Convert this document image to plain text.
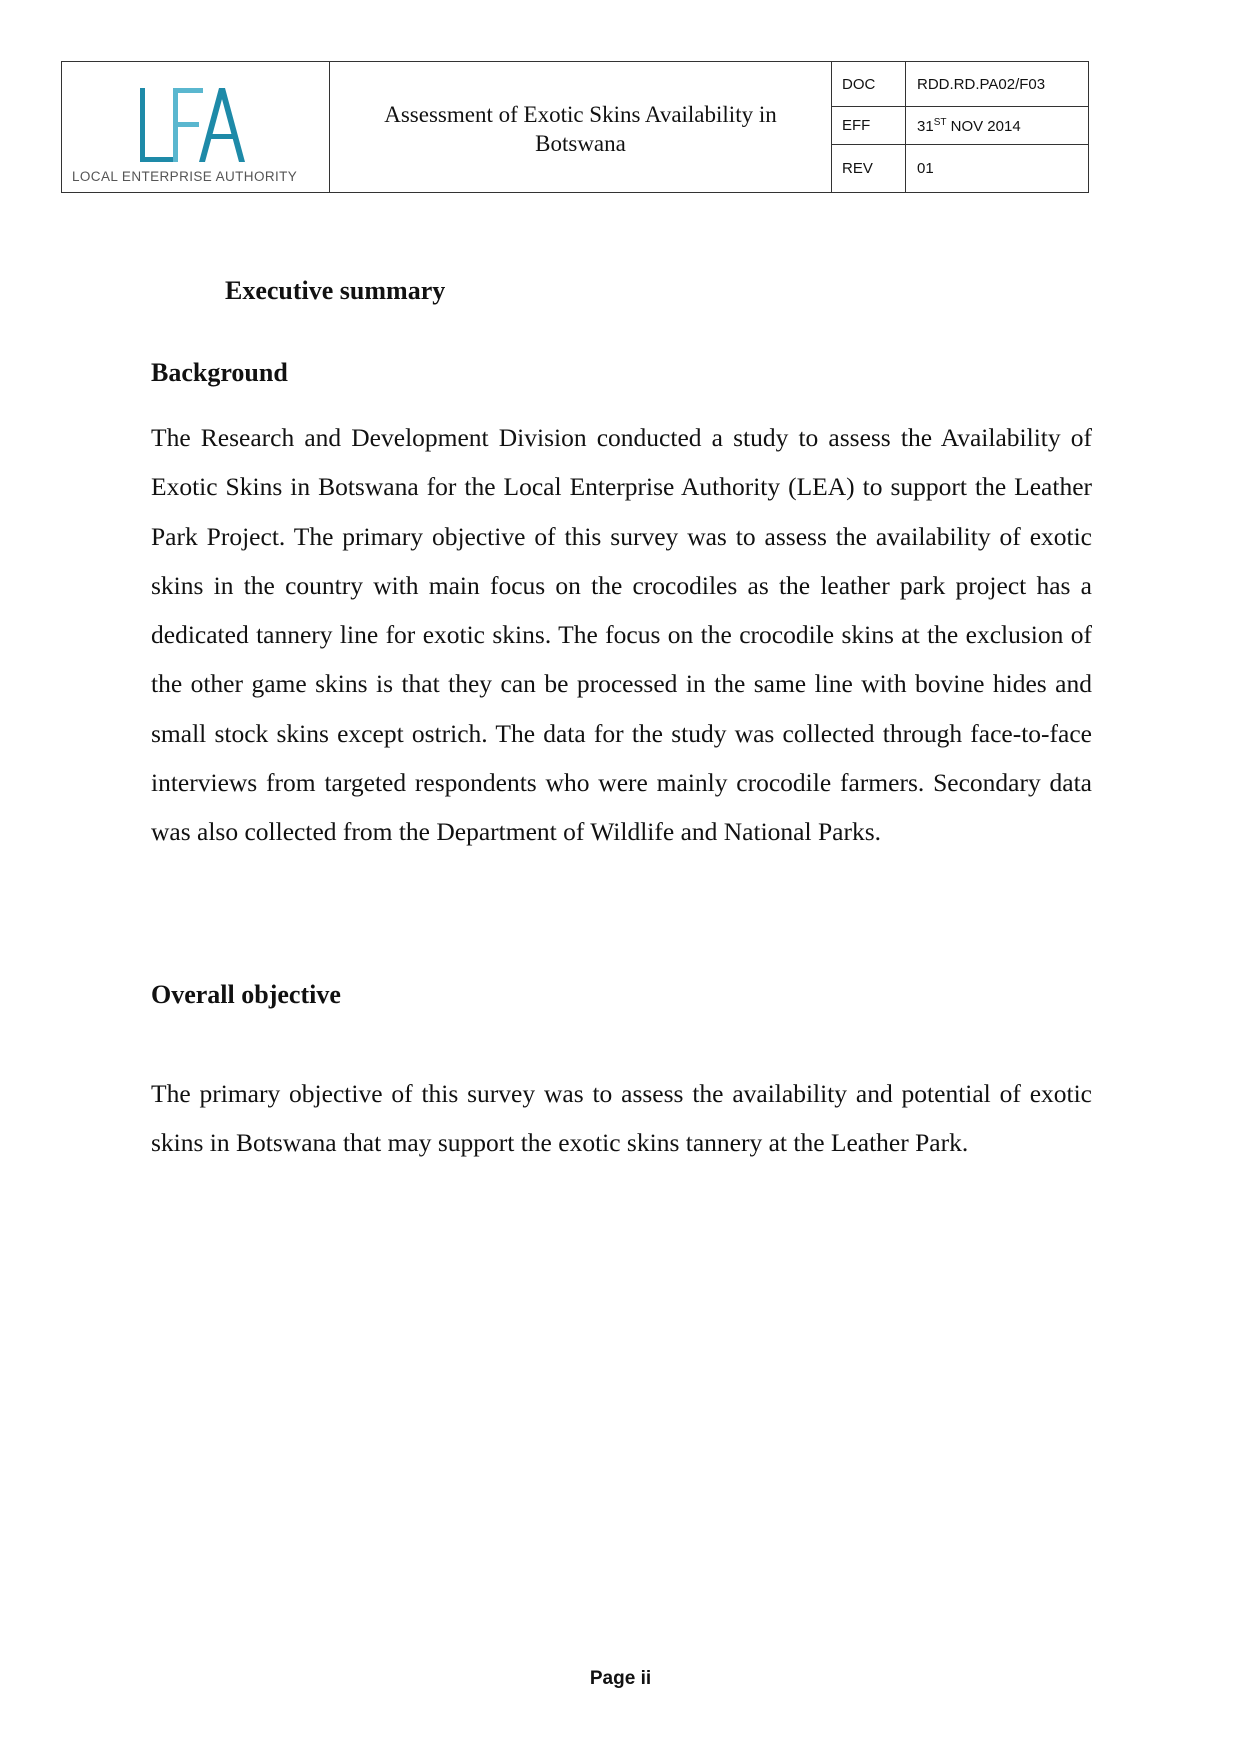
LOCAL ENTERPRISE AUTHORITY
Assessment of Exotic Skins Availability in Botswana
DOC	RDD.RD.PA02/F03
EFF	31ST NOV 2014
REV	01
Executive summary
Background

The Research and Development Division conducted a study to assess the Availability of Exotic Skins in Botswana for the Local Enterprise Authority (LEA) to support the Leather Park Project. The primary objective of this survey was to assess the availability of exotic skins in the country with main focus on the crocodiles as the leather park project has a dedicated tannery line for exotic skins. The focus on the crocodile skins at the exclusion of the other game skins is that they can be processed in the same line with bovine hides and small stock skins except ostrich. The data for the study was collected through face-to-face interviews from targeted respondents who were mainly crocodile farmers. Secondary data was also collected from the Department of Wildlife and National Parks.

Overall objective

The primary objective of this survey was to assess the availability and potential of exotic skins in Botswana that may support the exotic skins tannery at the Leather Park.

Page ii
